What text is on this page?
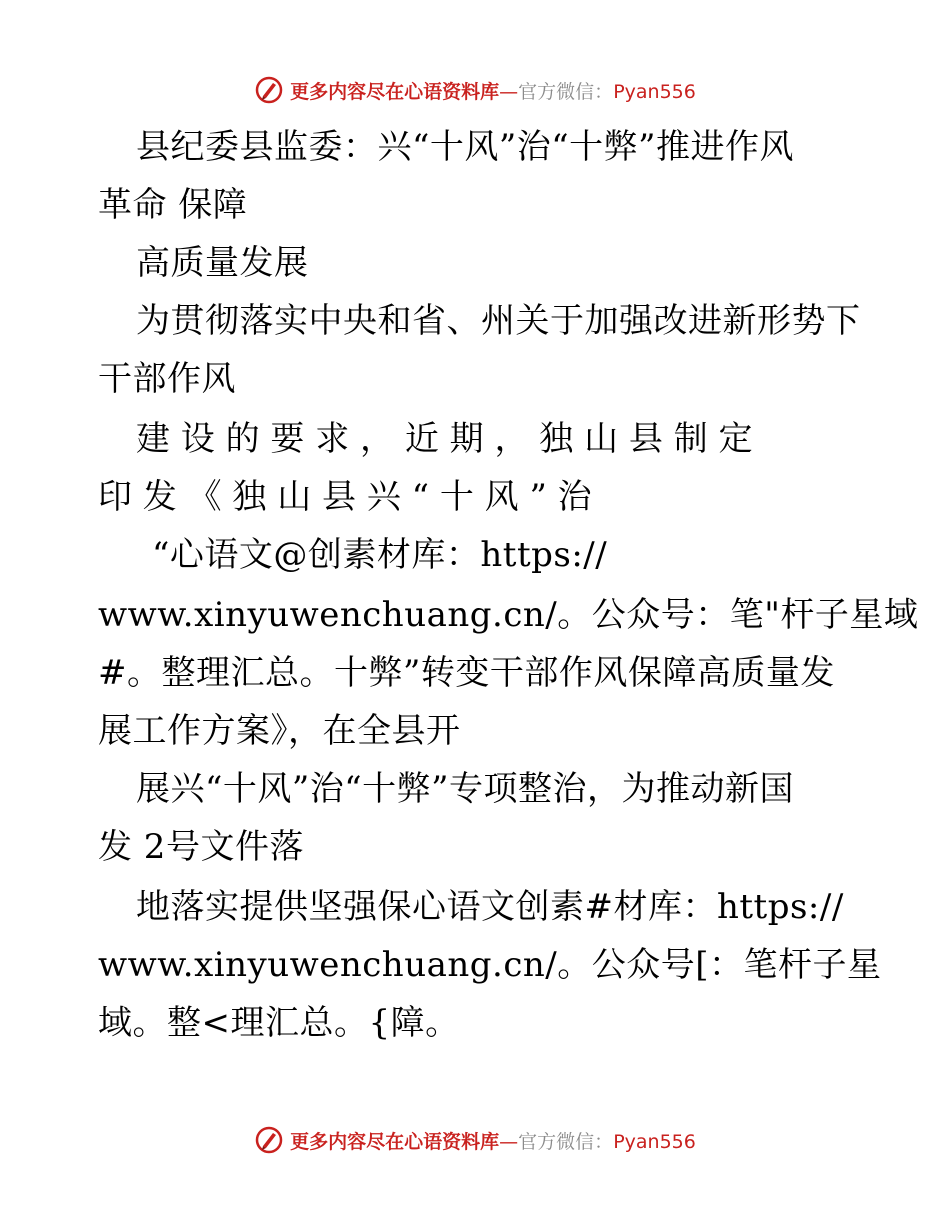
更多内容尽在心语资料库—官方微信：Pyan556
县纪委县监委：兴“十风”治“十弊”推进作风
革命 保障
高质量发展
为贯彻落实中央和省、州关于加强改进新形势下
干部作风
建 设 的 要 求 ， 近 期 ， 独 山 县 制 定
印 发 《 独 山 县 兴 “ 十 风 ” 治
“心语文@创素材库：https://
www.xinyuwenchuang.cn/。公众号：笔"杆子星域
#。整理汇总。十弊”转变干部作风保障高质量发
展工作方案》，在全县开
展兴“十风”治“十弊”专项整治，为推动新国
发 2号文件落
地落实提供坚强保心语文创素#材库：https://
www.xinyuwenchuang.cn/。公众号[：笔杆子星
域。整<理汇总。{障。
更多内容尽在心语资料库—官方微信：Pyan556
